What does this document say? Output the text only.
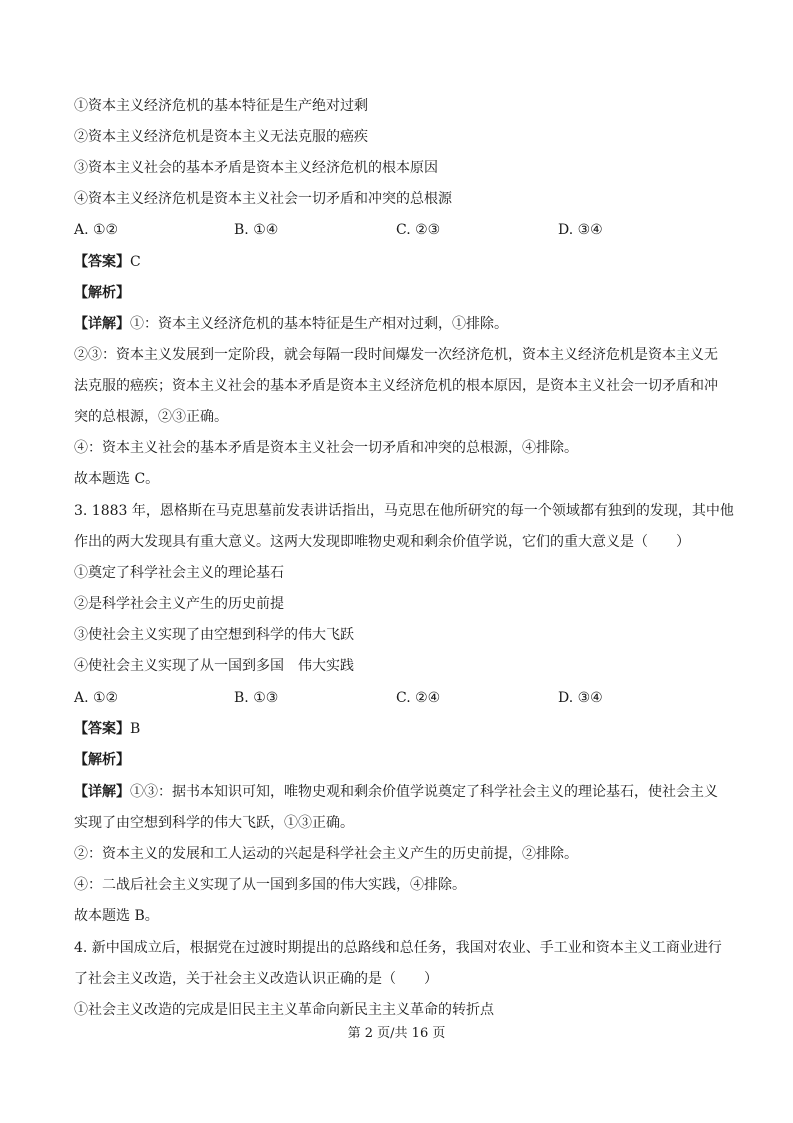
①资本主义经济危机的基本特征是生产绝对过剩
②资本主义经济危机是资本主义无法克服的癌疾
③资本主义社会的基本矛盾是资本主义经济危机的根本原因
④资本主义经济危机是资本主义社会一切矛盾和冲突的总根源
A. ①②	B. ①④	C. ②③	D. ③④
【答案】C
【解析】
【详解】①：资本主义经济危机的基本特征是生产相对过剩，①排除。
②③：资本主义发展到一定阶段，就会每隔一段时间爆发一次经济危机，资本主义经济危机是资本主义无
法克服的癌疾；资本主义社会的基本矛盾是资本主义经济危机的根本原因，是资本主义社会一切矛盾和冲
突的总根源，②③正确。
④：资本主义社会的基本矛盾是资本主义社会一切矛盾和冲突的总根源，④排除。
故本题选 C。
3. 1883 年，恩格斯在马克思墓前发表讲话指出，马克思在他所研究的每一个领域都有独到的发现，其中他
作出的两大发现具有重大意义。这两大发现即唯物史观和剩余价值学说，它们的重大意义是（　　）
①奠定了科学社会主义的理论基石
②是科学社会主义产生的历史前提
③使社会主义实现了由空想到科学的伟大飞跃
④使社会主义实现了从一国到多国　伟大实践
A. ①②	B. ①③	C. ②④	D. ③④
【答案】B
【解析】
【详解】①③：据书本知识可知，唯物史观和剩余价值学说奠定了科学社会主义的理论基石，使社会主义
实现了由空想到科学的伟大飞跃，①③正确。
②：资本主义的发展和工人运动的兴起是科学社会主义产生的历史前提，②排除。
④：二战后社会主义实现了从一国到多国的伟大实践，④排除。
故本题选 B。
4. 新中国成立后，根据党在过渡时期提出的总路线和总任务，我国对农业、手工业和资本主义工商业进行
了社会主义改造，关于社会主义改造认识正确的是（　　）
①社会主义改造的完成是旧民主主义革命向新民主主义革命的转折点
第 2 页/共 16 页
